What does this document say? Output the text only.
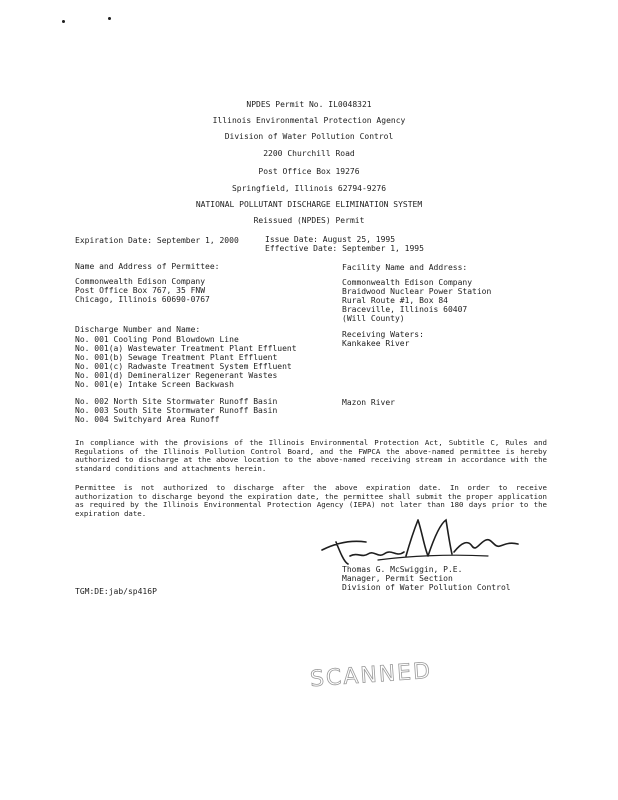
NPDES Permit No. IL0048321
Illinois Environmental Protection Agency
Division of Water Pollution Control
2200 Churchill Road
Post Office Box 19276
Springfield, Illinois 62794-9276
NATIONAL POLLUTANT DISCHARGE ELIMINATION SYSTEM
Reissued (NPDES) Permit
Expiration Date: September 1, 2000	Issue Date: August 25, 1995
Effective Date: September 1, 1995
Name and Address of Permittee:
Commonwealth Edison Company
Post Office Box 767, 35 FNW
Chicago, Illinois 60690-0767
Facility Name and Address:
Commonwealth Edison Company
Braidwood Nuclear Power Station
Rural Route #1, Box 84
Braceville, Illinois 60407
(Will County)
Discharge Number and Name:
No. 001 Cooling Pond Blowdown Line
No. 001(a) Wastewater Treatment Plant Effluent
No. 001(b) Sewage Treatment Plant Effluent
No. 001(c) Radwaste Treatment System Effluent
No. 001(d) Demineralizer Regenerant Wastes
No. 001(e) Intake Screen Backwash
No. 002 North Site Stormwater Runoff Basin
No. 003 South Site Stormwater Runoff Basin
No. 004 Switchyard Area Runoff
Receiving Waters:
Kankakee River
Mazon River
In compliance with the provisions of the Illinois Environmental Protection Act, Subtitle C, Rules and Regulations of the Illinois Pollution Control Board, and the FWPCA the above-named permittee is hereby authorized to discharge at the above location to the above-named receiving stream in accordance with the standard conditions and attachments herein.
Permittee is not authorized to discharge after the above expiration date. In order to receive authorization to discharge beyond the expiration date, the permittee shall submit the proper application as required by the Illinois Environmental Protection Agency (IEPA) not later than 180 days prior to the expiration date.
Thomas G. McSwiggin, P.E.
Manager, Permit Section
Division of Water Pollution Control
TGM:DE:jab/sp416P
SCANNED
